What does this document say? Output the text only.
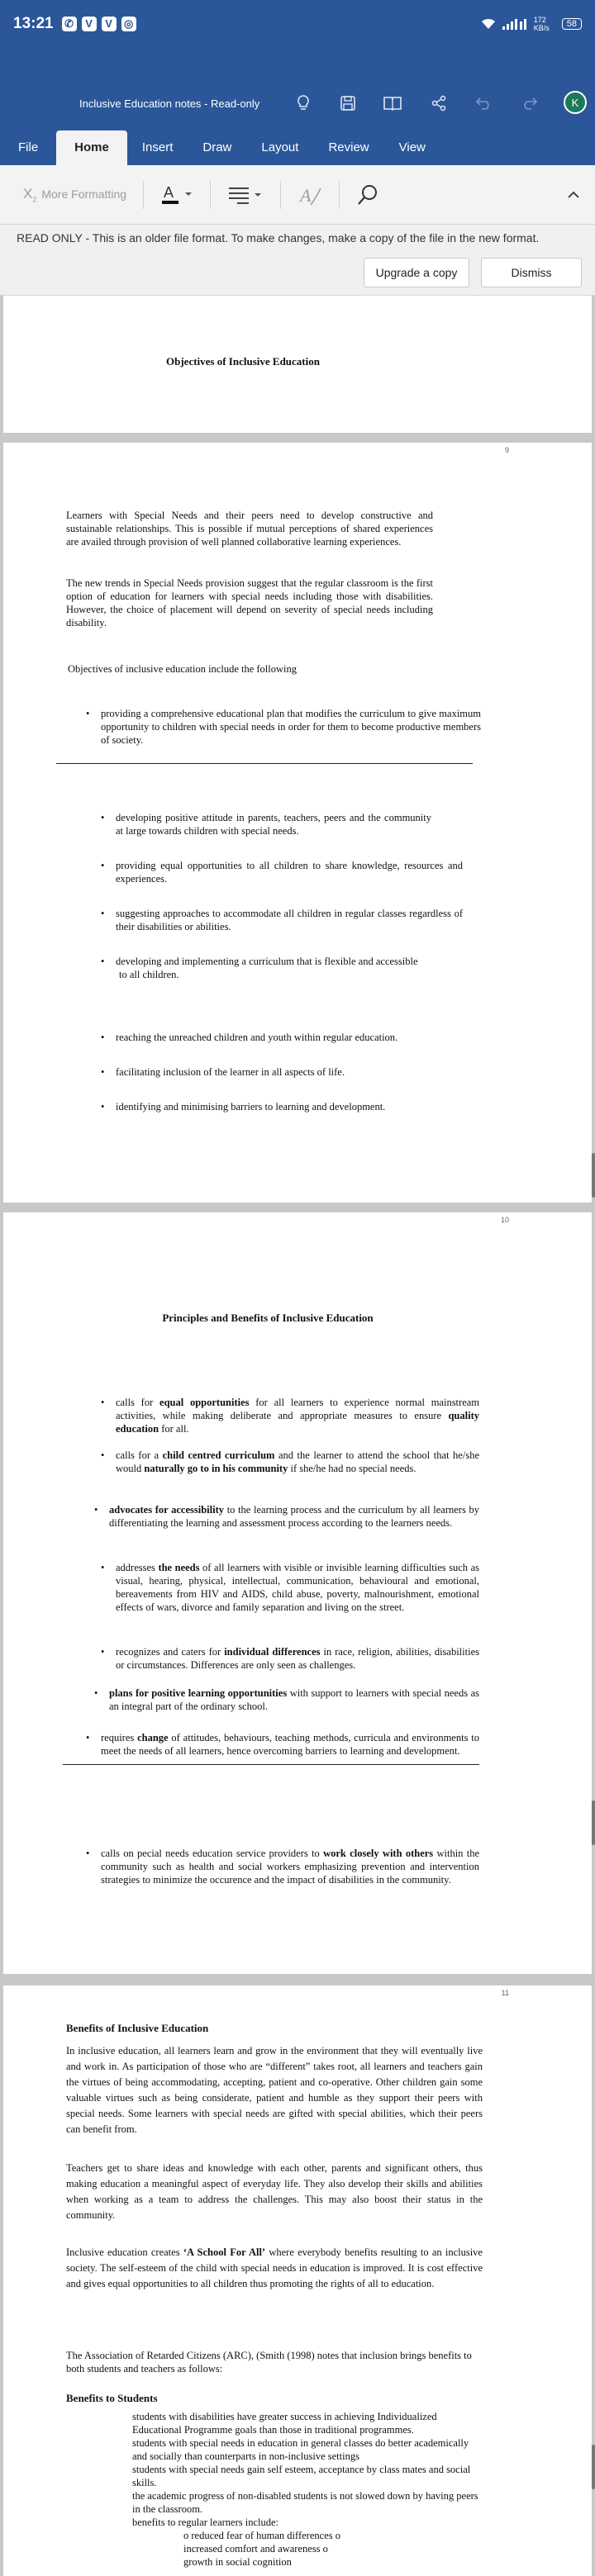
13:21 ✆	V	V	◎	172 KB/s	58
Inclusive Education notes - Read-only	K
File	Home	Insert	Draw	Layout	Review	View
$X_2$ More Formatting	A	A
READ ONLY - This is an older file format. To make changes, make a copy of the file in the new format.
Upgrade a copy	Dismiss
Objectives of Inclusive Education
9
Learners with Special Needs and their peers need to develop constructive and sustainable relationships. This is possible if mutual perceptions of shared experiences are availed through provision of well planned collaborative learning experiences.
The new trends in Special Needs provision suggest that the regular classroom is the first option of education for learners with special needs including those with disabilities. However, the choice of placement will depend on severity of special needs including disability.
Objectives of inclusive education include the following
• providing a comprehensive educational plan that modifies the curriculum to give maximum opportunity to children with special needs in order for them to become productive members of society.
• developing positive attitude in parents, teachers, peers and the community at large towards children with special needs.
• providing equal opportunities to all children to share knowledge, resources and experiences.
• suggesting approaches to accommodate all children in regular classes regardless of their disabilities or abilities.
• developing and implementing a curriculum that is flexible and accessible
to all children.
• reaching the unreached children and youth within regular education.
• facilitating inclusion of the learner in all aspects of life.
• identifying and minimising barriers to learning and development.
10
Principles and Benefits of Inclusive Education
• calls for equal opportunities for all learners to experience normal mainstream activities, while making deliberate and appropriate measures to ensure quality education for all.
• calls for a child centred curriculum and the learner to attend the school that he/she would naturally go to in his community if she/he had no special needs.
• advocates for accessibility to the learning process and the curriculum by all learners by differentiating the learning and assessment process according to the learners needs.
• addresses the needs of all learners with visible or invisible learning difficulties such as visual, hearing, physical, intellectual, communication, behavioural and emotional, bereavements from HIV and AIDS, child abuse, poverty, malnourishment, emotional effects of wars, divorce and family separation and living on the street.
• recognizes and caters for individual differences in race, religion, abilities, disabilities or circumstances. Differences are only seen as challenges.
• plans for positive learning opportunities with support to learners with special needs as an integral part of the ordinary school.
• requires change of attitudes, behaviours, teaching methods, curricula and environments to meet the needs of all learners, hence overcoming barriers to learning and development.
• calls on pecial needs education service providers to work closely with others within the community such as health and social workers emphasizing prevention and intervention strategies to minimize the occurence and the impact of disabilities in the community.
11
Benefits of Inclusive Education
In inclusive education, all learners learn and grow in the environment that they will eventually live and work in. As participation of those who are “different” takes root, all learners and teachers gain the virtues of being accommodating, accepting, patient and co-operative. Other children gain some valuable virtues such as being considerate, patient and humble as they support their peers with special needs. Some learners with special needs are gifted with special abilities, which their peers can benefit from.
Teachers get to share ideas and knowledge with each other, parents and significant others, thus making education a meaningful aspect of everyday life. They also develop their skills and abilities when working as a team to address the challenges. This may also boost their status in the community.
Inclusive education creates ‘A School For All’ where everybody benefits resulting to an inclusive society. The self-esteem of the child with special needs in education is improved. It is cost effective and gives equal opportunities to all children thus promoting the rights of all to education.
The Association of Retarded Citizens (ARC), (Smith (1998) notes that inclusion brings benefits to both students and teachers as follows:
Benefits to Students
students with disabilities have greater success in achieving Individualized Educational Programme goals than those in traditional programmes.
students with special needs in education in general classes do better academically and socially than counterparts in non-inclusive settings
students with special needs gain self esteem, acceptance by class mates and social skills.
the academic progress of non-disabled students is not slowed down by having peers in the classroom.
benefits to regular learners include:
o reduced fear of human differences o
increased comfort and awareness o
growth in social cognition
